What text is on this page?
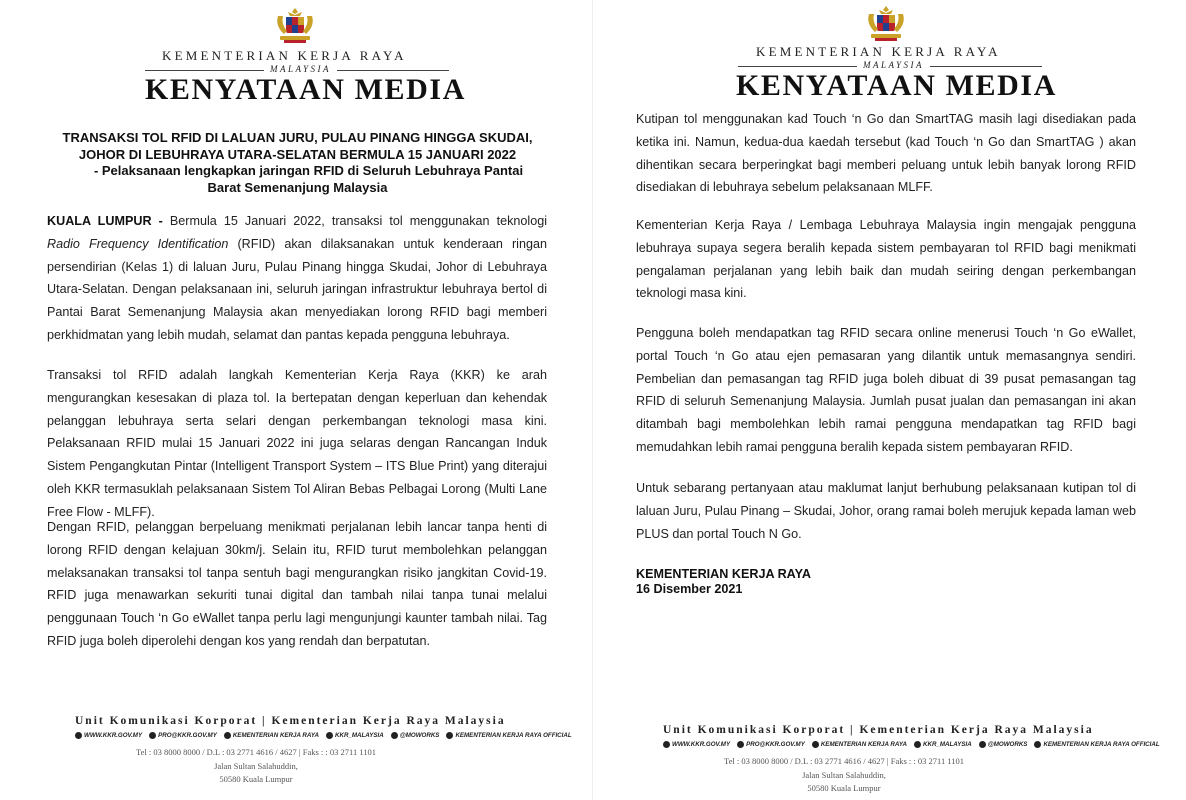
KEMENTERIAN KERJA RAYA
MALAYSIA
KENYATAAN MEDIA
TRANSAKSI TOL RFID DI LALUAN JURU, PULAU PINANG HINGGA SKUDAI,
JOHOR DI LEBUHRAYA UTARA-SELATAN BERMULA 15 JANUARI 2022
- Pelaksanaan lengkapkan jaringan RFID di Seluruh Lebuhraya Pantai
Barat Semenanjung Malaysia
KUALA LUMPUR - Bermula 15 Januari 2022, transaksi tol menggunakan teknologi Radio Frequency Identification (RFID) akan dilaksanakan untuk kenderaan ringan persendirian (Kelas 1) di laluan Juru, Pulau Pinang hingga Skudai, Johor di Lebuhraya Utara-Selatan. Dengan pelaksanaan ini, seluruh jaringan infrastruktur lebuhraya bertol di Pantai Barat Semenanjung Malaysia akan menyediakan lorong RFID bagi memberi perkhidmatan yang lebih mudah, selamat dan pantas kepada pengguna lebuhraya.
Transaksi tol RFID adalah langkah Kementerian Kerja Raya (KKR) ke arah mengurangkan kesesakan di plaza tol. Ia bertepatan dengan keperluan dan kehendak pelanggan lebuhraya serta selari dengan perkembangan teknologi masa kini. Pelaksanaan RFID mulai 15 Januari 2022 ini juga selaras dengan Rancangan Induk Sistem Pengangkutan Pintar (Intelligent Transport System – ITS Blue Print) yang diterajui oleh KKR termasuklah pelaksanaan Sistem Tol Aliran Bebas Pelbagai Lorong (Multi Lane Free Flow - MLFF).
Dengan RFID, pelanggan berpeluang menikmati perjalanan lebih lancar tanpa henti di lorong RFID dengan kelajuan 30km/j. Selain itu, RFID turut membolehkan pelanggan melaksanakan transaksi tol tanpa sentuh bagi mengurangkan risiko jangkitan Covid-19. RFID juga menawarkan sekuriti tunai digital dan tambah nilai tanpa tunai melalui penggunaan Touch ‘n Go eWallet tanpa perlu lagi mengunjungi kaunter tambah nilai. Tag RFID juga boleh diperolehi dengan kos yang rendah dan berpatutan.
Unit Komunikasi Korporat | Kementerian Kerja Raya Malaysia
WWW.KKR.GOV.MY	PRO@KKR.GOV.MY	KEMENTERIAN KERJA RAYA	KKR_MALAYSIA	@MOWORKS	KEMENTERIAN KERJA RAYA OFFICIAL
Tel : 03 8000 8000 / D.L : 03 2771 4616 / 4627 | Faks : : 03 2711 1101
Jalan Sultan Salahuddin,
50580 Kuala Lumpur
KEMENTERIAN KERJA RAYA
MALAYSIA
KENYATAAN MEDIA
Kutipan tol menggunakan kad Touch ‘n Go dan SmartTAG masih lagi disediakan pada ketika ini. Namun, kedua-dua kaedah tersebut (kad Touch ‘n Go dan SmartTAG ) akan dihentikan secara berperingkat bagi memberi peluang untuk lebih banyak lorong RFID disediakan di lebuhraya sebelum pelaksanaan MLFF.
Kementerian Kerja Raya / Lembaga Lebuhraya Malaysia ingin mengajak pengguna lebuhraya supaya segera beralih kepada sistem pembayaran tol RFID bagi menikmati pengalaman perjalanan yang lebih baik dan mudah seiring dengan perkembangan teknologi masa kini.
Pengguna boleh mendapatkan tag RFID secara online menerusi Touch ‘n Go eWallet, portal Touch ‘n Go atau ejen pemasaran yang dilantik untuk memasangnya sendiri. Pembelian dan pemasangan tag RFID juga boleh dibuat di 39 pusat pemasangan tag RFID di seluruh Semenanjung Malaysia. Jumlah pusat jualan dan pemasangan ini akan ditambah bagi membolehkan lebih ramai pengguna mendapatkan tag RFID bagi memudahkan lebih ramai pengguna beralih kepada sistem pembayaran RFID.
Untuk sebarang pertanyaan atau maklumat lanjut berhubung pelaksanaan kutipan tol di laluan Juru, Pulau Pinang – Skudai, Johor, orang ramai boleh merujuk kepada laman web PLUS dan portal Touch N Go.
KEMENTERIAN KERJA RAYA
16 Disember 2021
Unit Komunikasi Korporat | Kementerian Kerja Raya Malaysia
WWW.KKR.GOV.MY	PRO@KKR.GOV.MY	KEMENTERIAN KERJA RAYA	KKR_MALAYSIA	@MOWORKS	KEMENTERIAN KERJA RAYA OFFICIAL
Tel : 03 8000 8000 / D.L : 03 2771 4616 / 4627 | Faks : : 03 2711 1101
Jalan Sultan Salahuddin,
50580 Kuala Lumpur
